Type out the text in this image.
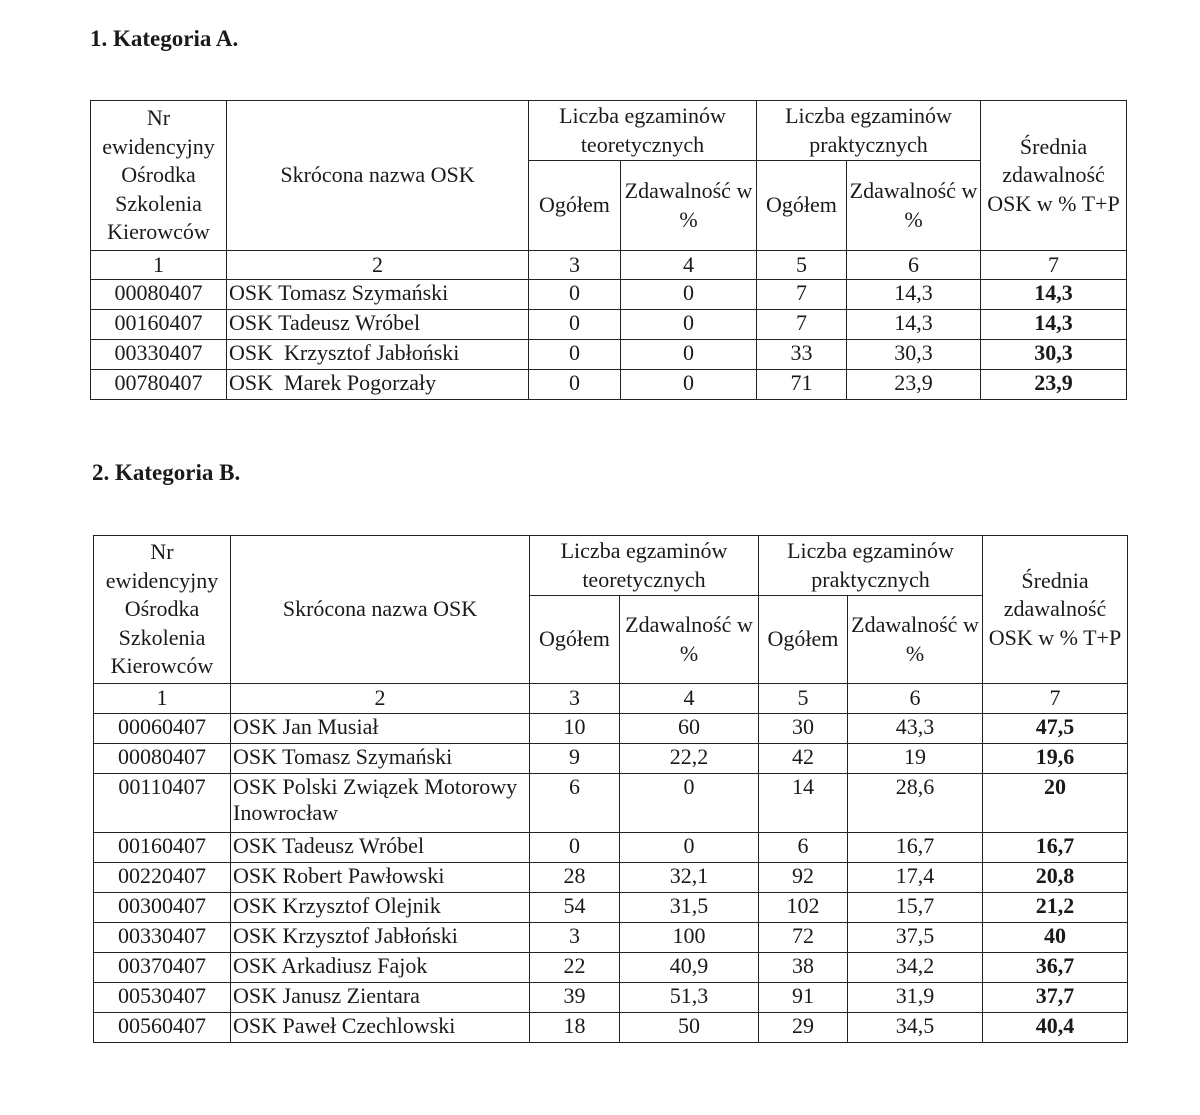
1. Kategoria A.
Nr ewidencyjny Ośrodka Szkolenia Kierowców	Skrócona nazwa OSK	Liczba egzaminów teoretycznych		Liczba egzaminów praktycznych		Średnia zdawalność OSK w % T+P
		Ogółem	Zdawalność w %	Ogółem	Zdawalność w %	
1	2	3	4	5	6	7
00080407	OSK Tomasz Szymański	0	0	7	14,3	14,3
00160407	OSK Tadeusz Wróbel	0	0	7	14,3	14,3
00330407	OSK  Krzysztof Jabłoński	0	0	33	30,3	30,3
00780407	OSK  Marek Pogorzały	0	0	71	23,9	23,9
2. Kategoria B.
Nr ewidencyjny Ośrodka Szkolenia Kierowców	Skrócona nazwa OSK	Liczba egzaminów teoretycznych		Liczba egzaminów praktycznych		Średnia zdawalność OSK w % T+P
		Ogółem	Zdawalność w %	Ogółem	Zdawalność w %	
1	2	3	4	5	6	7
00060407	OSK Jan Musiał	10	60	30	43,3	47,5
00080407	OSK Tomasz Szymański	9	22,2	42	19	19,6
00110407	OSK Polski Związek Motorowy Inowrocław	6	0	14	28,6	20
00160407	OSK Tadeusz Wróbel	0	0	6	16,7	16,7
00220407	OSK Robert Pawłowski	28	32,1	92	17,4	20,8
00300407	OSK Krzysztof Olejnik	54	31,5	102	15,7	21,2
00330407	OSK Krzysztof Jabłoński	3	100	72	37,5	40
00370407	OSK Arkadiusz Fajok	22	40,9	38	34,2	36,7
00530407	OSK Janusz Zientara	39	51,3	91	31,9	37,7
00560407	OSK Paweł Czechlowski	18	50	29	34,5	40,4
